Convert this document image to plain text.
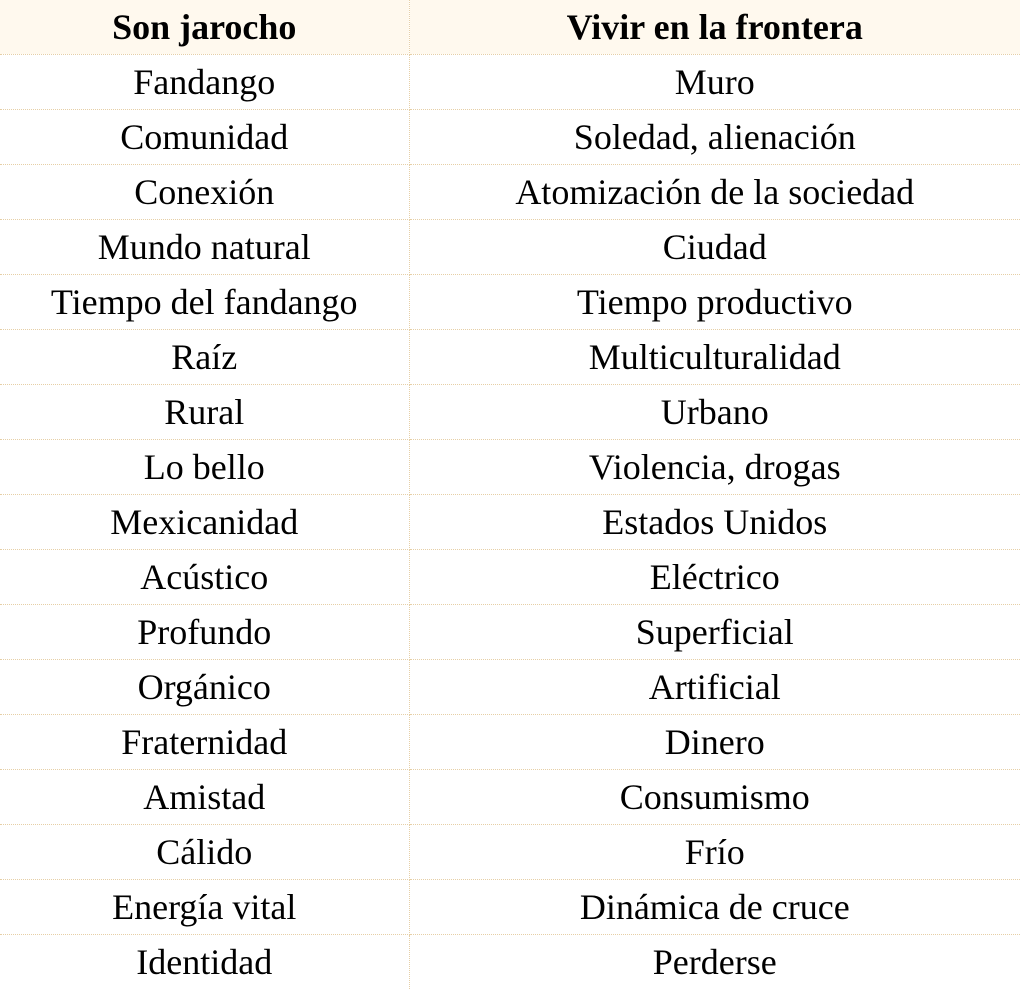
Son jarocho	Vivir en la frontera
Fandango	Muro
Comunidad	Soledad, alienación
Conexión	Atomización de la sociedad
Mundo natural	Ciudad
Tiempo del fandango	Tiempo productivo
Raíz	Multiculturalidad
Rural	Urbano
Lo bello	Violencia, drogas
Mexicanidad	Estados Unidos
Acústico	Eléctrico
Profundo	Superficial
Orgánico	Artificial
Fraternidad	Dinero
Amistad	Consumismo
Cálido	Frío
Energía vital	Dinámica de cruce
Identidad	Perderse
